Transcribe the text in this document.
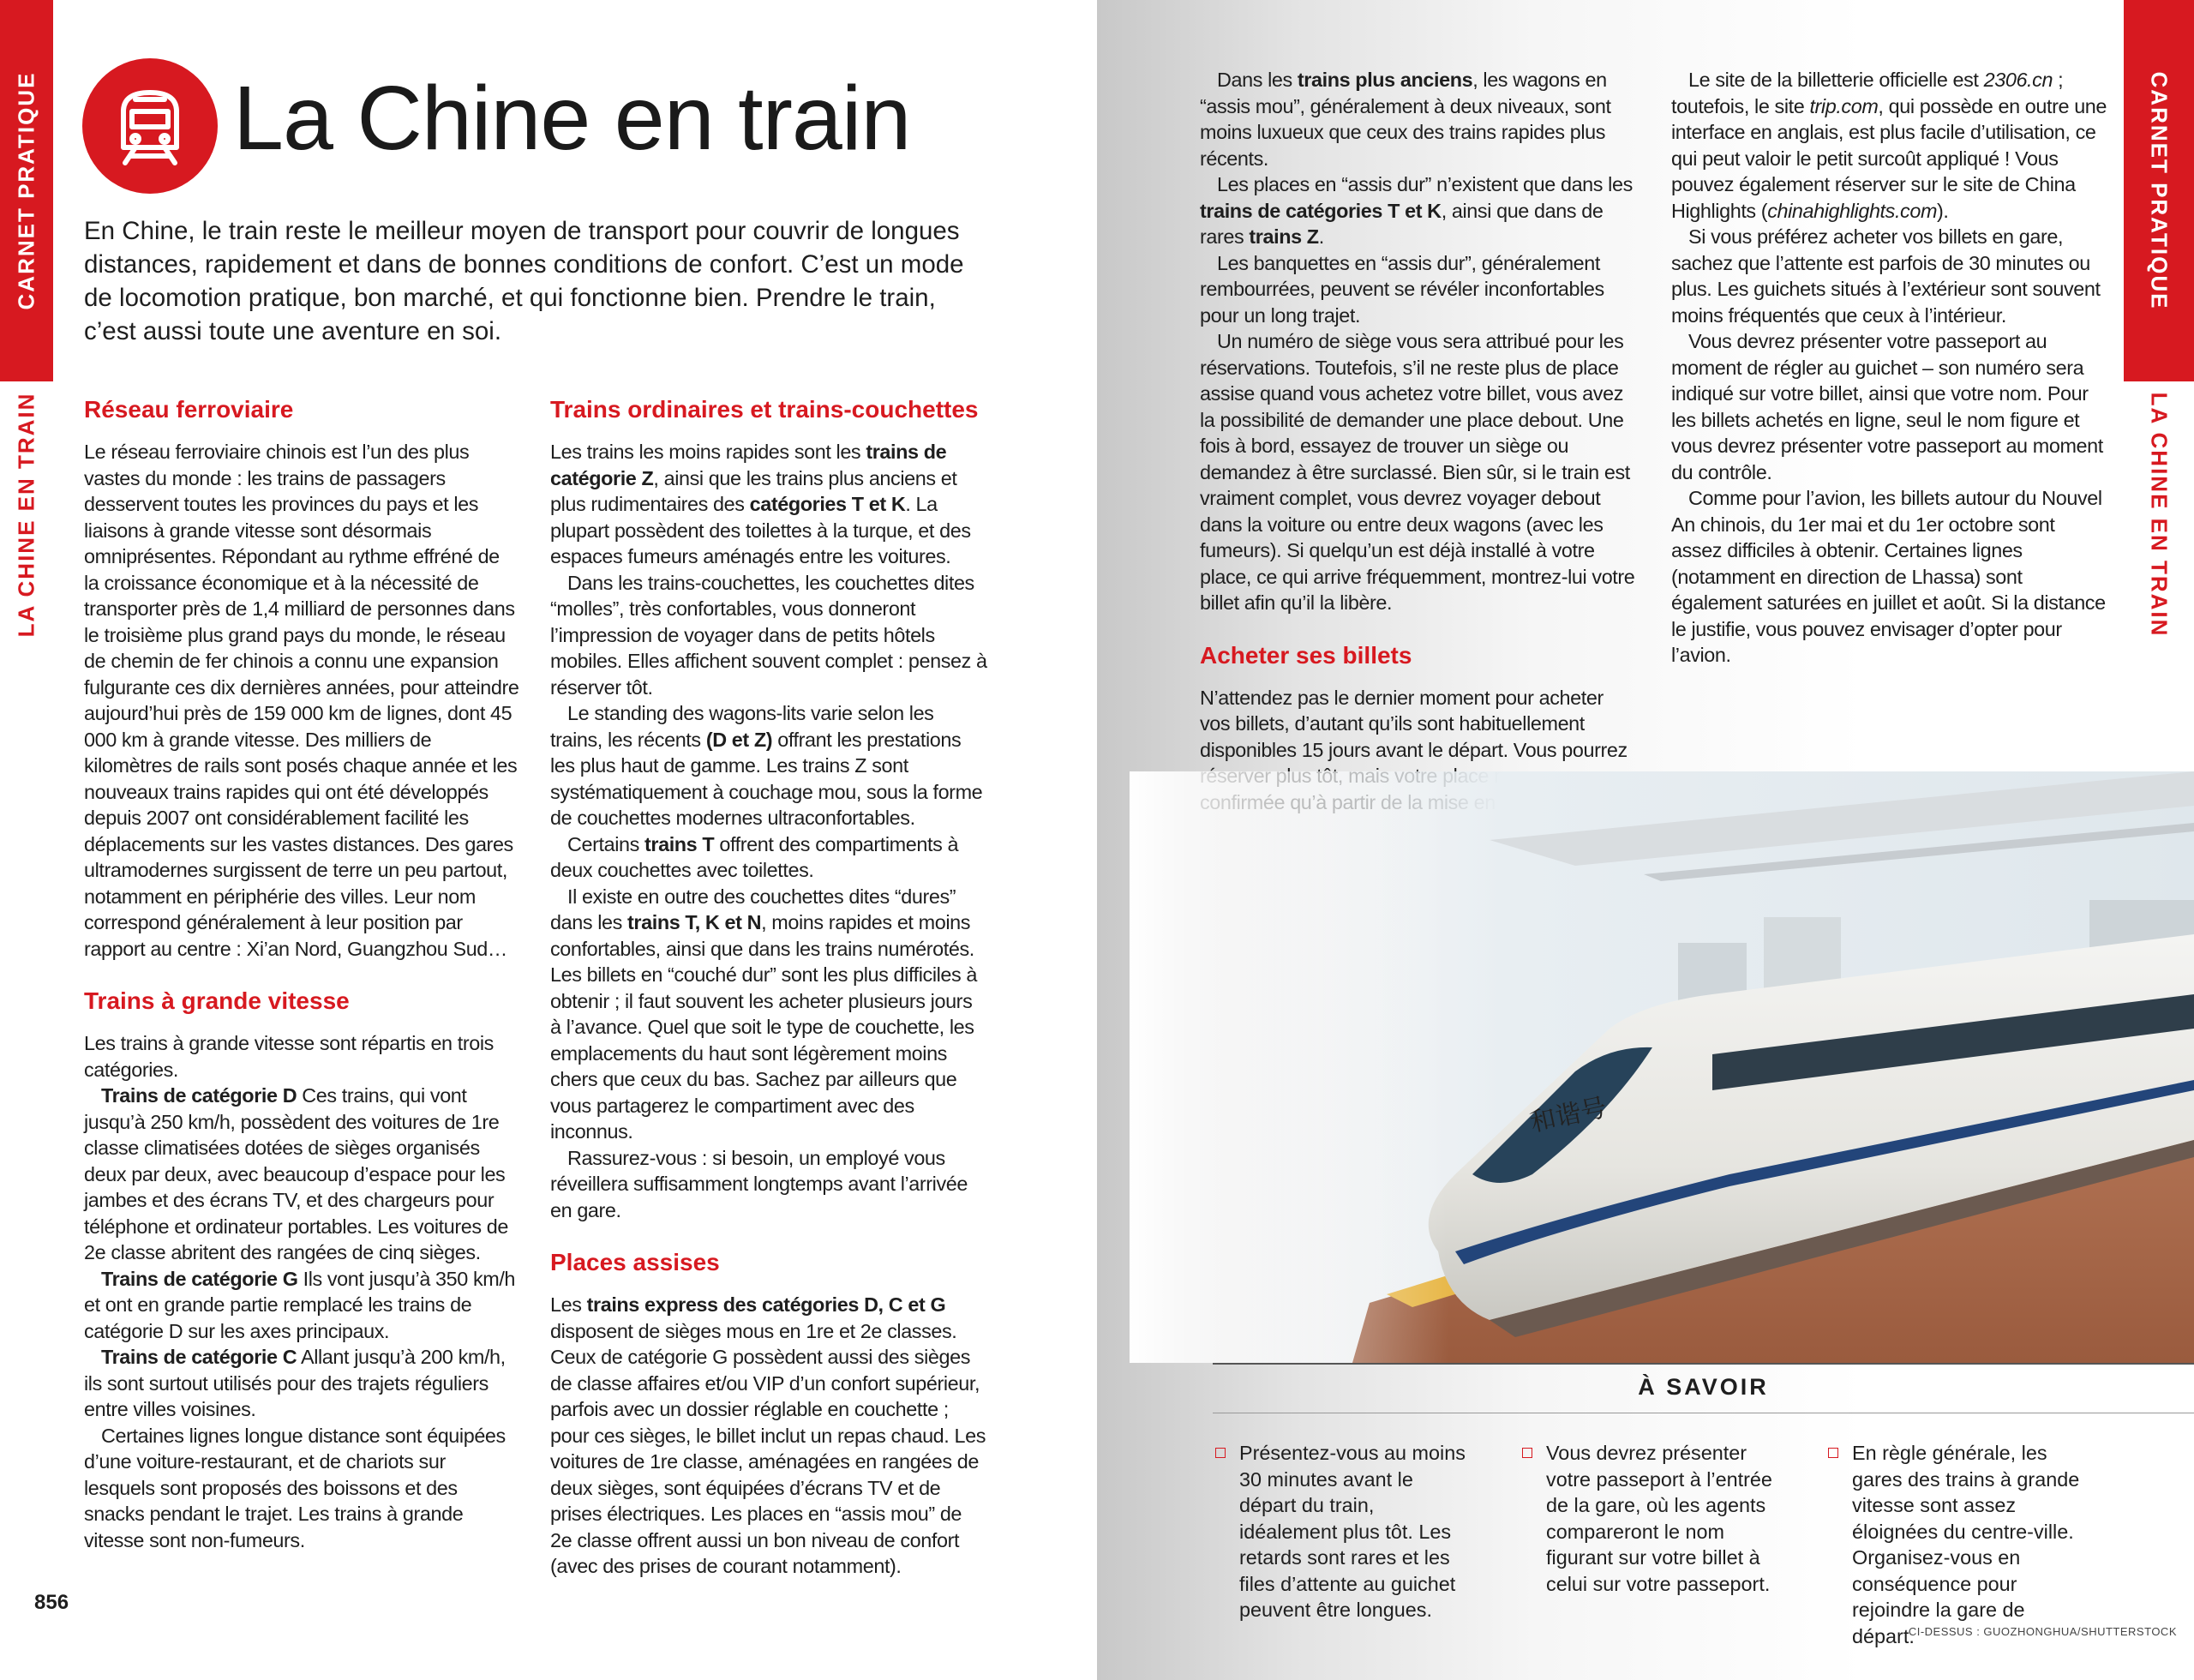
CARNET PRATIQUE
LA CHINE EN TRAIN
CARNET PRATIQUE
LA CHINE EN TRAIN
La Chine en train

En Chine, le train reste le meilleur moyen de transport pour couvrir de longues distances, rapidement et dans de bonnes conditions de confort. C’est un mode de locomotion pratique, bon marché, et qui fonctionne bien. Prendre le train, c’est aussi toute une aventure en soi.

Réseau ferroviaire

Le réseau ferroviaire chinois est l’un des plus vastes du monde : les trains de passagers desservent toutes les provinces du pays et les liaisons à grande vitesse sont désormais omniprésentes. Répondant au rythme effréné de la croissance économique et à la nécessité de transporter près de 1,4 milliard de personnes dans le troisième plus grand pays du monde, le réseau de chemin de fer chinois a connu une expansion fulgurante ces dix dernières années, pour atteindre aujourd’hui près de 159 000 km de lignes, dont 45 000 km à grande vitesse. Des milliers de kilomètres de rails sont posés chaque année et les nouveaux trains rapides qui ont été développés depuis 2007 ont considérablement facilité les déplacements sur les vastes distances. Des gares ultramodernes surgissent de terre un peu partout, notamment en périphérie des villes. Leur nom correspond généralement à leur position par rapport au centre : Xi’an Nord, Guangzhou Sud…

Trains à grande vitesse

Les trains à grande vitesse sont répartis en trois catégories.

Trains de catégorie D Ces trains, qui vont jusqu’à 250 km/h, possèdent des voitures de 1re classe climatisées dotées de sièges organisés deux par deux, avec beaucoup d’espace pour les jambes et des écrans TV, et des chargeurs pour téléphone et ordinateur portables. Les voitures de 2e classe abritent des rangées de cinq sièges.

Trains de catégorie G Ils vont jusqu’à 350 km/h et ont en grande partie remplacé les trains de catégorie D sur les axes principaux.

Trains de catégorie C Allant jusqu’à 200 km/h, ils sont surtout utilisés pour des trajets réguliers entre villes voisines.

Certaines lignes longue distance sont équipées d’une voiture-restaurant, et de chariots sur lesquels sont proposés des boissons et des snacks pendant le trajet. Les trains à grande vitesse sont non-fumeurs.

856
Trains ordinaires et trains-couchettes

Les trains les moins rapides sont les trains de catégorie Z, ainsi que les trains plus anciens et plus rudimentaires des catégories T et K. La plupart possèdent des toilettes à la turque, et des espaces fumeurs aménagés entre les voitures.

Dans les trains-couchettes, les couchettes dites “molles”, très confortables, vous donneront l’impression de voyager dans de petits hôtels mobiles. Elles affichent souvent complet : pensez à réserver tôt.

Le standing des wagons-lits varie selon les trains, les récents (D et Z) offrant les prestations les plus haut de gamme. Les trains Z sont systématiquement à couchage mou, sous la forme de couchettes modernes ultraconfortables.

Certains trains T offrent des compartiments à deux couchettes avec toilettes.

Il existe en outre des couchettes dites “dures” dans les trains T, K et N, moins rapides et moins confortables, ainsi que dans les trains numérotés. Les billets en “couché dur” sont les plus difficiles à obtenir ; il faut souvent les acheter plusieurs jours à l’avance. Quel que soit le type de couchette, les emplacements du haut sont légèrement moins chers que ceux du bas. Sachez par ailleurs que vous partagerez le compartiment avec des inconnus.

Rassurez-vous : si besoin, un employé vous réveillera suffisamment longtemps avant l’arrivée en gare.

Places assises

Les trains express des catégories D, C et G disposent de sièges mous en 1re et 2e classes. Ceux de catégorie G possèdent aussi des sièges de classe affaires et/ou VIP d’un confort supérieur, parfois avec un dossier réglable en couchette ; pour ces sièges, le billet inclut un repas chaud. Les voitures de 1re classe, aménagées en rangées de deux sièges, sont équipées d’écrans TV et de prises électriques. Les places en “assis mou” de 2e classe offrent aussi un bon niveau de confort (avec des prises de courant notamment).

Dans les trains plus anciens, les wagons en “assis mou”, généralement à deux niveaux, sont moins luxueux que ceux des trains rapides plus récents.

Les places en “assis dur” n’existent que dans les trains de catégories T et K, ainsi que dans de rares trains Z.

Les banquettes en “assis dur”, généralement rembourrées, peuvent se révéler inconfortables pour un long trajet.

Un numéro de siège vous sera attribué pour les réservations. Toutefois, s’il ne reste plus de place assise quand vous achetez votre billet, vous avez la possibilité de demander une place debout. Une fois à bord, essayez de trouver un siège ou demandez à être surclassé. Bien sûr, si le train est vraiment complet, vous devrez voyager debout dans la voiture ou entre deux wagons (avec les fumeurs). Si quelqu’un est déjà installé à votre place, ce qui arrive fréquemment, montrez-lui votre billet afin qu’il la libère.

Acheter ses billets

N’attendez pas le dernier moment pour acheter vos billets, d’autant qu’ils sont habituellement disponibles 15 jours avant le départ. Vous pourrez

Le site de la billetterie officielle est 2306.cn ; toutefois, le site trip.com, qui possède en outre une interface en anglais, est plus facile d’utilisation, ce qui peut valoir le petit surcoût appliqué ! Vous pouvez également réserver sur le site de China Highlights (chinahighlights.com).

Si vous préférez acheter vos billets en gare, sachez que l’attente est parfois de 30 minutes ou plus. Les guichets situés à l’extérieur sont souvent moins fréquentés que ceux à l’intérieur.

Vous devrez présenter votre passeport au moment de régler au guichet – son numéro sera indiqué sur votre billet, ainsi que votre nom. Pour les billets achetés en ligne, seul le nom figure et vous devrez présenter votre passeport au moment du contrôle.

Comme pour l’avion, les billets autour du Nouvel An chinois, du 1er mai et du 1er octobre sont assez difficiles à obtenir. Certaines lignes (notamment en direction de Lhassa) sont également saturées en juillet et août. Si la distance le justifie, vous pouvez envisager d’opter pour l’avion.

À SAVOIR

Présentez-vous au moins 30 minutes avant le départ du train, idéalement plus tôt. Les retards sont rares et les files d’attente au guichet peuvent être longues.

Vous devrez présenter votre passeport à l’entrée de la gare, où les agents compareront le nom figurant sur votre billet à celui sur votre passeport.

En règle générale, les gares des trains à grande vitesse sont assez éloignées du centre-ville. Organisez-vous en conséquence pour rejoindre la gare de départ.

CI-DESSUS : GUOZHONGHUA/SHUTTERSTOCK
